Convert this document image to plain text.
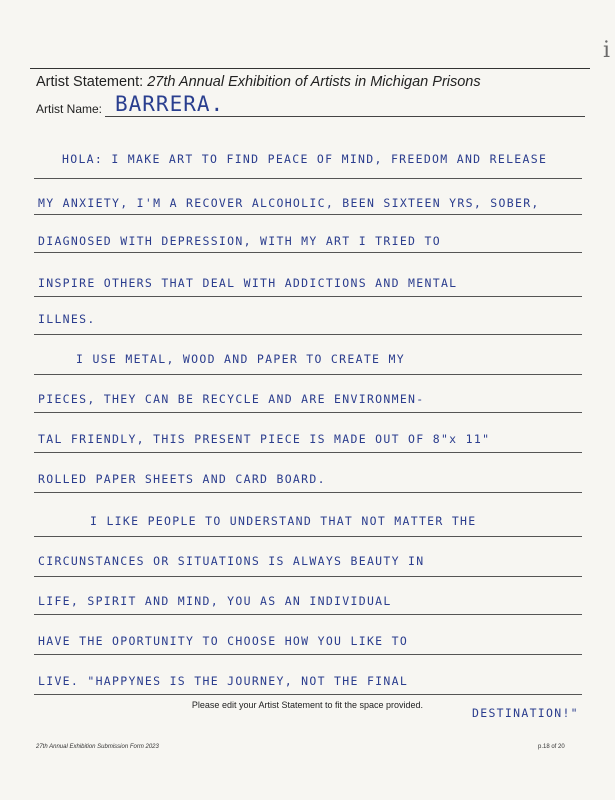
i
Artist Statement: 27th Annual Exhibition of Artists in Michigan Prisons
Artist Name: BARRERA.
HOLA: I MAKE ART TO FIND PEACE OF MIND, FREEDOM AND RELEASE
MY ANXIETY, I'M A RECOVER ALCOHOLIC, BEEN SIXTEEN YRS, SOBER,
DIAGNOSED WITH DEPRESSION, WITH MY ART I TRIED TO
INSPIRE OTHERS THAT DEAL WITH ADDICTIONS AND MENTAL
ILLNES.
I USE METAL, WOOD AND PAPER TO CREATE MY
PIECES, THEY CAN BE RECYCLE AND ARE ENVIRONMEN-
TAL FRIENDLY, THIS PRESENT PIECE IS MADE OUT OF 8"x 11"
ROLLED PAPER SHEETS AND CARD BOARD.
I LIKE PEOPLE TO UNDERSTAND THAT NOT MATTER THE
CIRCUNSTANCES OR SITUATIONS IS ALWAYS BEAUTY IN
LIFE, SPIRIT AND MIND, YOU AS AN INDIVIDUAL
HAVE THE OPORTUNITY TO CHOOSE HOW YOU LIKE TO
LIVE. "HAPPYNES IS THE JOURNEY, NOT THE FINAL
DESTINATION!"
Please edit your Artist Statement to fit the space provided.
27th Annual Exhibition Submission Form 2023	p.18 of 20
